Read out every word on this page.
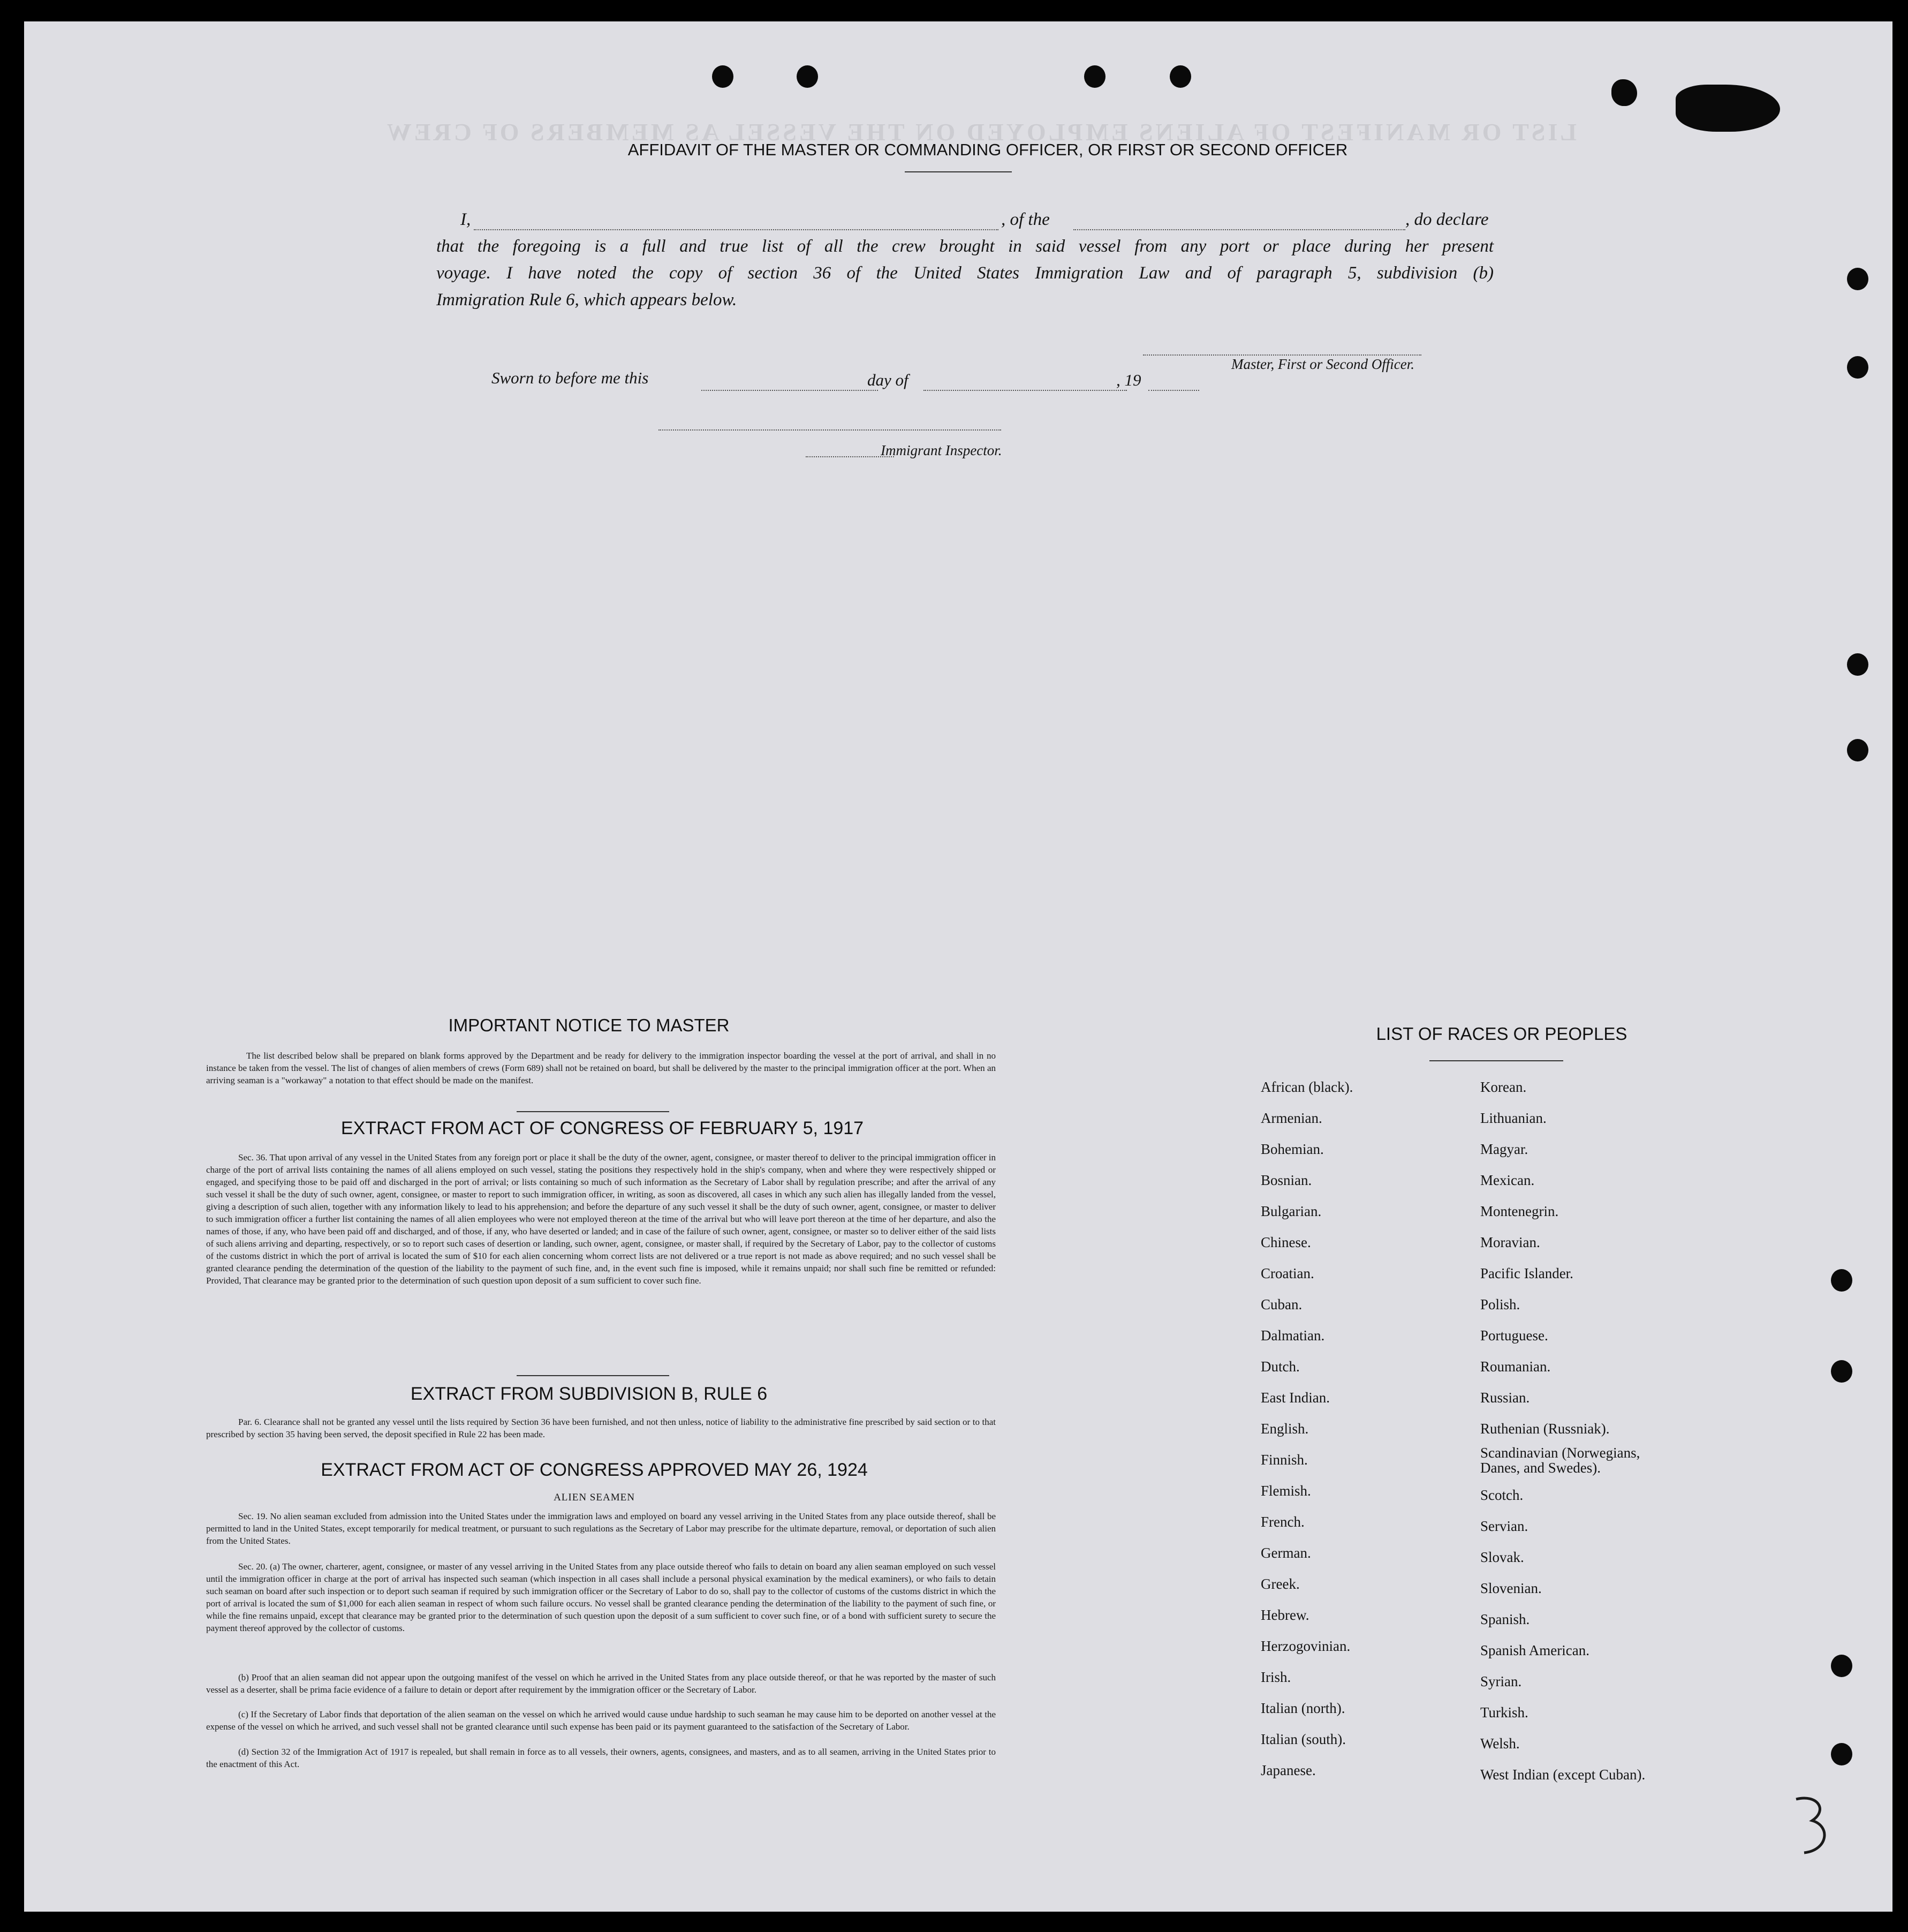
LIST OR MANIFEST OF ALIENS EMPLOYED ON THE VESSEL AS MEMBERS OF CREW
AFFIDAVIT OF THE MASTER OR COMMANDING OFFICER, OR FIRST OR SECOND OFFICER
I,	, of the	, do declare
that the foregoing is a full and true list of all the crew brought in said vessel from any port or place during her present
voyage. I have noted the copy of section 36 of the United States Immigration Law and of paragraph 5, subdivision (b)
Immigration Rule 6, which appears below.
Master, First or Second Officer.
Sworn to before me this	day of	, 19
Immigrant Inspector.
IMPORTANT NOTICE TO MASTER
The list described below shall be prepared on blank forms approved by the Department and be ready for delivery to the immigration inspector boarding the vessel at the port of arrival, and shall in no instance be taken from the vessel. The list of changes of alien members of crews (Form 689) shall not be retained on board, but shall be delivered by the master to the principal immigration officer at the port. When an arriving seaman is a "workaway" a notation to that effect should be made on the manifest.
EXTRACT FROM ACT OF CONGRESS OF FEBRUARY 5, 1917
Sec. 36. That upon arrival of any vessel in the United States from any foreign port or place it shall be the duty of the owner, agent, consignee, or master thereof to deliver to the principal immigration officer in charge of the port of arrival lists containing the names of all aliens employed on such vessel, stating the positions they respectively hold in the ship's company, when and where they were respectively shipped or engaged, and specifying those to be paid off and discharged in the port of arrival; or lists containing so much of such information as the Secretary of Labor shall by regulation prescribe; and after the arrival of any such vessel it shall be the duty of such owner, agent, consignee, or master to report to such immigration officer, in writing, as soon as discovered, all cases in which any such alien has illegally landed from the vessel, giving a description of such alien, together with any information likely to lead to his apprehension; and before the departure of any such vessel it shall be the duty of such owner, agent, consignee, or master to deliver to such immigration officer a further list containing the names of all alien employees who were not employed thereon at the time of the arrival but who will leave port thereon at the time of her departure, and also the names of those, if any, who have been paid off and discharged, and of those, if any, who have deserted or landed; and in case of the failure of such owner, agent, consignee, or master so to deliver either of the said lists of such aliens arriving and departing, respectively, or so to report such cases of desertion or landing, such owner, agent, consignee, or master shall, if required by the Secretary of Labor, pay to the collector of customs of the customs district in which the port of arrival is located the sum of $10 for each alien concerning whom correct lists are not delivered or a true report is not made as above required; and no such vessel shall be granted clearance pending the determination of the question of the liability to the payment of such fine, and, in the event such fine is imposed, while it remains unpaid; nor shall such fine be remitted or refunded: Provided, That clearance may be granted prior to the determination of such question upon deposit of a sum sufficient to cover such fine.
EXTRACT FROM SUBDIVISION B, RULE 6
Par. 6. Clearance shall not be granted any vessel until the lists required by Section 36 have been furnished, and not then unless, notice of liability to the administrative fine prescribed by said section or to that prescribed by section 35 having been served, the deposit specified in Rule 22 has been made.
EXTRACT FROM ACT OF CONGRESS APPROVED MAY 26, 1924
ALIEN SEAMEN
Sec. 19. No alien seaman excluded from admission into the United States under the immigration laws and employed on board any vessel arriving in the United States from any place outside thereof, shall be permitted to land in the United States, except temporarily for medical treatment, or pursuant to such regulations as the Secretary of Labor may prescribe for the ultimate departure, removal, or deportation of such alien from the United States.
Sec. 20. (a) The owner, charterer, agent, consignee, or master of any vessel arriving in the United States from any place outside thereof who fails to detain on board any alien seaman employed on such vessel until the immigration officer in charge at the port of arrival has inspected such seaman (which inspection in all cases shall include a personal physical examination by the medical examiners), or who fails to detain such seaman on board after such inspection or to deport such seaman if required by such immigration officer or the Secretary of Labor to do so, shall pay to the collector of customs of the customs district in which the port of arrival is located the sum of $1,000 for each alien seaman in respect of whom such failure occurs. No vessel shall be granted clearance pending the determination of the liability to the payment of such fine, or while the fine remains unpaid, except that clearance may be granted prior to the determination of such question upon the deposit of a sum sufficient to cover such fine, or of a bond with sufficient surety to secure the payment thereof approved by the collector of customs.
(b) Proof that an alien seaman did not appear upon the outgoing manifest of the vessel on which he arrived in the United States from any place outside thereof, or that he was reported by the master of such vessel as a deserter, shall be prima facie evidence of a failure to detain or deport after requirement by the immigration officer or the Secretary of Labor.
(c) If the Secretary of Labor finds that deportation of the alien seaman on the vessel on which he arrived would cause undue hardship to such seaman he may cause him to be deported on another vessel at the expense of the vessel on which he arrived, and such vessel shall not be granted clearance until such expense has been paid or its payment guaranteed to the satisfaction of the Secretary of Labor.
(d) Section 32 of the Immigration Act of 1917 is repealed, but shall remain in force as to all vessels, their owners, agents, consignees, and masters, and as to all seamen, arriving in the United States prior to the enactment of this Act.
LIST OF RACES OR PEOPLES
African (black).
Armenian.
Bohemian.
Bosnian.
Bulgarian.
Chinese.
Croatian.
Cuban.
Dalmatian.
Dutch.
East Indian.
English.
Finnish.
Flemish.
French.
German.
Greek.
Hebrew.
Herzogovinian.
Irish.
Italian (north).
Italian (south).
Japanese.
Korean.
Lithuanian.
Magyar.
Mexican.
Montenegrin.
Moravian.
Pacific Islander.
Polish.
Portuguese.
Roumanian.
Russian.
Ruthenian (Russniak).
Scandinavian (Norwegians, Danes, and Swedes).
Scotch.
Servian.
Slovak.
Slovenian.
Spanish.
Spanish American.
Syrian.
Turkish.
Welsh.
West Indian (except Cuban).
